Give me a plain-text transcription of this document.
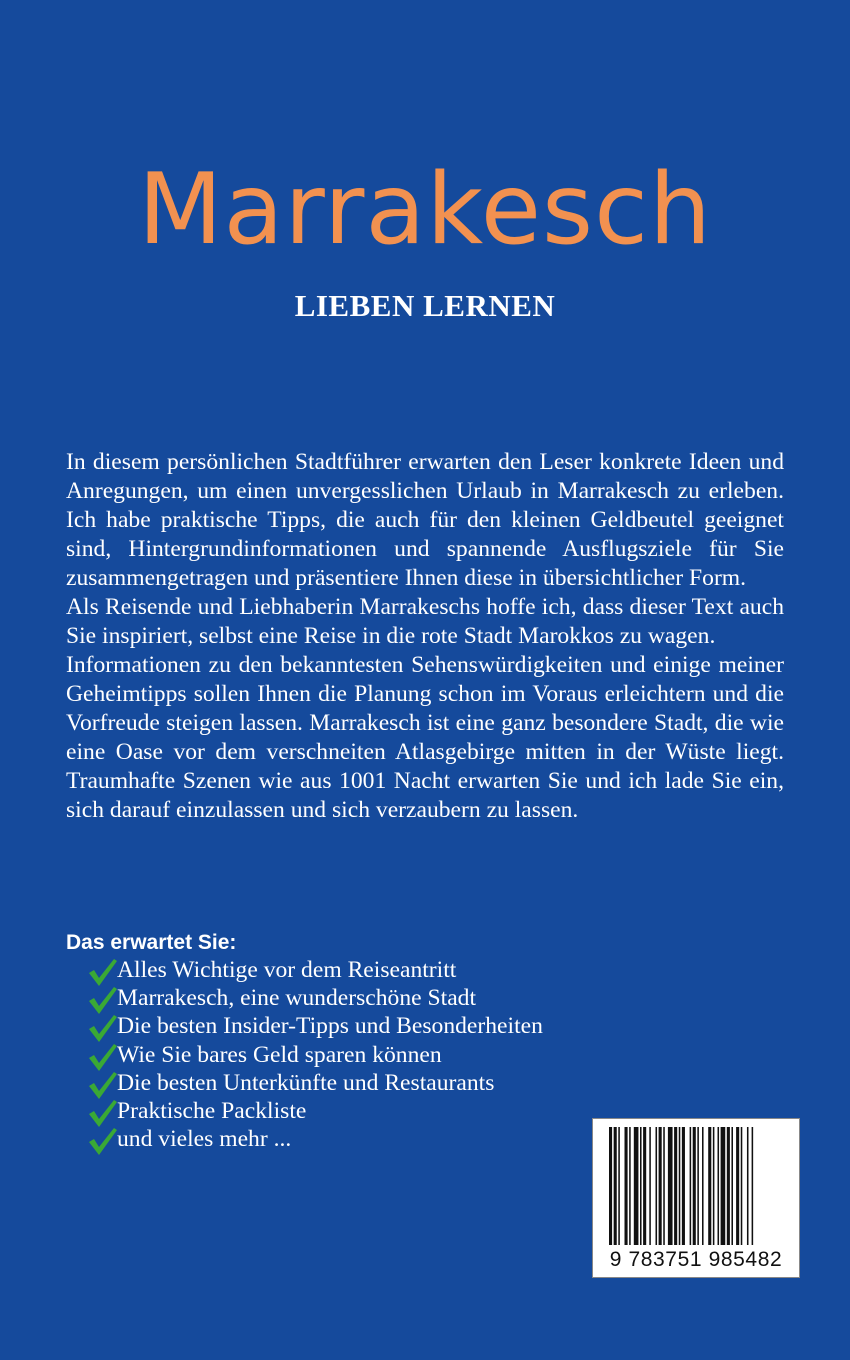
Marrakesch
LIEBEN LERNEN

In diesem persönlichen Stadtführer erwarten den Leser konkrete Ideen und Anregungen, um einen unvergesslichen Urlaub in Marrakesch zu erleben. Ich habe praktische Tipps, die auch für den kleinen Geldbeutel geeignet sind, Hintergrundinformationen und spannende Ausflugsziele für Sie zusammengetragen und präsentiere Ihnen diese in übersichtlicher Form.

Als Reisende und Liebhaberin Marrakeschs hoffe ich, dass dieser Text auch Sie inspiriert, selbst eine Reise in die rote Stadt Marokkos zu wagen.

Informationen zu den bekanntesten Sehenswürdigkeiten und einige meiner Geheimtipps sollen Ihnen die Planung schon im Voraus erleichtern und die Vorfreude steigen lassen. Marrakesch ist eine ganz besondere Stadt, die wie eine Oase vor dem verschneiten Atlasgebirge mitten in der Wüste liegt. Traumhafte Szenen wie aus 1001 Nacht erwarten Sie und ich lade Sie ein, sich darauf einzulassen und sich verzaubern zu lassen.

Das erwartet Sie:
Alles Wichtige vor dem Reiseantritt
Marrakesch, eine wunderschöne Stadt
Die besten Insider-Tipps und Besonderheiten
Wie Sie bares Geld sparen können
Die besten Unterkünfte und Restaurants
Praktische Packliste
und vieles mehr ...
9 783751 985482
